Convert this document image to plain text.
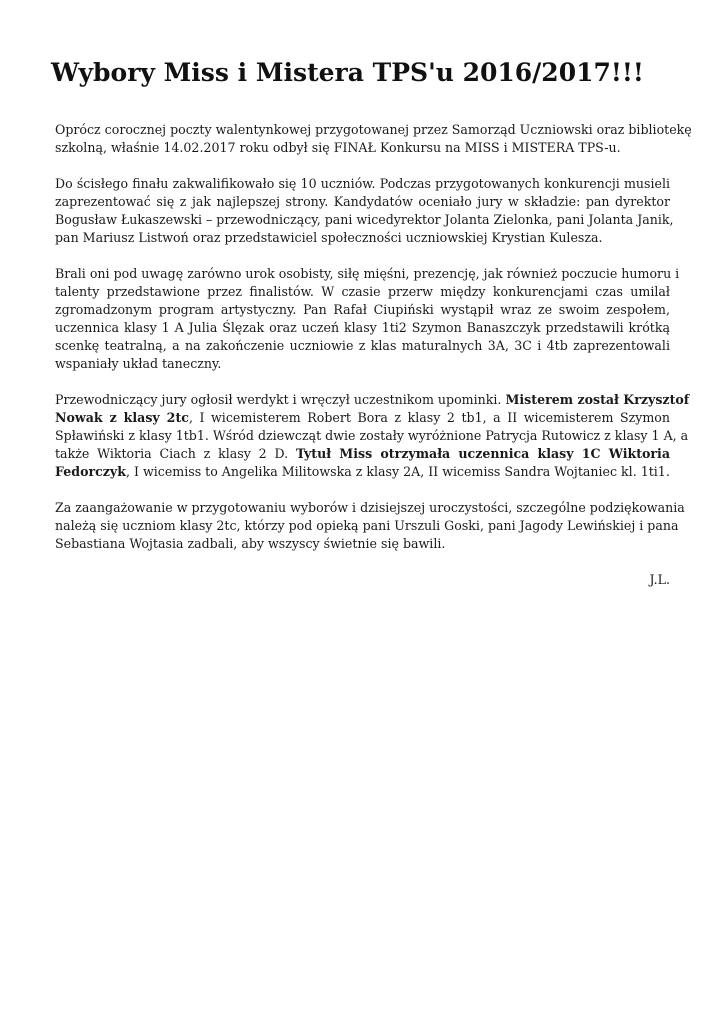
Wybory Miss i Mistera TPS'u 2016/2017!!!

Oprócz corocznej poczty walentynkowej przygotowanej przez Samorząd Uczniowski oraz bibliotekę
szkolną, właśnie 14.02.2017 roku odbył się FINAŁ Konkursu na MISS i MISTERA TPS-u.

Do ścisłego finału zakwalifikowało się 10 uczniów. Podczas przygotowanych konkurencji musieli
zaprezentować się z jak najlepszej strony. Kandydatów oceniało jury w składzie: pan dyrektor
Bogusław Łukaszewski – przewodniczący, pani wicedyrektor Jolanta Zielonka, pani Jolanta Janik,
pan Mariusz Listwoń oraz przedstawiciel społeczności uczniowskiej Krystian Kulesza.

Brali oni pod uwagę zarówno urok osobisty, siłę mięśni, prezencję, jak również poczucie humoru i
talenty przedstawione przez finalistów. W czasie przerw między konkurencjami czas umilał
zgromadzonym program artystyczny. Pan Rafał Ciupiński wystąpił wraz ze swoim zespołem,
uczennica klasy 1 A Julia Ślęzak oraz uczeń klasy 1ti2 Szymon Banaszczyk przedstawili krótką
scenkę teatralną, a na zakończenie uczniowie z klas maturalnych 3A, 3C i 4tb zaprezentowali
wspaniały układ taneczny.

Przewodniczący jury ogłosił werdykt i wręczył uczestnikom upominki. Misterem został Krzysztof
Nowak z klasy 2tc, I wicemisterem Robert Bora z klasy 2 tb1, a II wicemisterem Szymon
Spławiński z klasy 1tb1. Wśród dziewcząt dwie zostały wyróżnione Patrycja Rutowicz z klasy 1 A, a
także Wiktoria Ciach z klasy 2 D. Tytuł Miss otrzymała uczennica klasy 1C Wiktoria
Fedorczyk, I wicemiss to Angelika Militowska z klasy 2A, II wicemiss Sandra Wojtaniec kl. 1ti1.

Za zaangażowanie w przygotowaniu wyborów i dzisiejszej uroczystości, szczególne podziękowania
należą się uczniom klasy 2tc, którzy pod opieką pani Urszuli Goski, pani Jagody Lewińskiej i pana
Sebastiana Wojtasia zadbali, aby wszyscy świetnie się bawili.

J.L.
